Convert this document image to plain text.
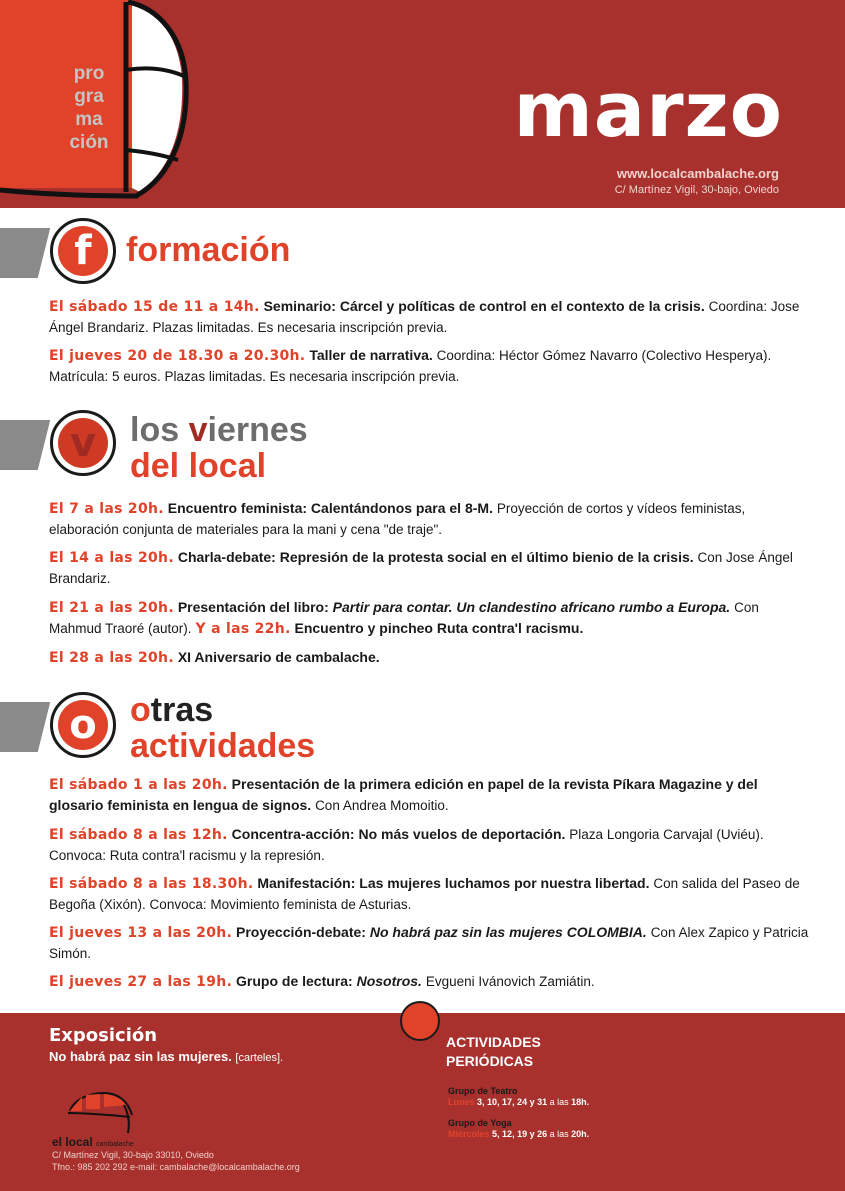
pro
gra
ma
ción	marzo
www.localcambalache.org
C/ Martínez Vigil, 30-bajo, Oviedo
f	formación
El sábado 15 de 11 a 14h. Seminario: Cárcel y políticas de control en el contexto de la crisis. Coordina: Jose Ángel Brandariz. Plazas limitadas. Es necesaria inscripción previa.
El jueves 20 de 18.30 a 20.30h. Taller de narrativa. Coordina: Héctor Gómez Navarro (Colectivo Hesperya). Matrícula: 5 euros. Plazas limitadas. Es necesaria inscripción previa.
v los viernes
del local
El 7 a las 20h. Encuentro feminista: Calentándonos para el 8-M. Proyección de cortos y vídeos feministas, elaboración conjunta de materiales para la mani y cena "de traje".
El 14 a las 20h. Charla-debate: Represión de la protesta social en el último bienio de la crisis. Con Jose Ángel Brandariz.
El 21 a las 20h. Presentación del libro: Partir para contar. Un clandestino africano rumbo a Europa. Con Mahmud Traoré (autor). Y a las 22h. Encuentro y pincheo Ruta contra'l racismu.
El 28 a las 20h. XI Aniversario de cambalache.
o otras
actividades
El sábado 1 a las 20h. Presentación de la primera edición en papel de la revista Píkara Magazine y del glosario feminista en lengua de signos. Con Andrea Momoitio.
El sábado 8 a las 12h. Concentra-acción: No más vuelos de deportación. Plaza Longoria Carvajal (Uviéu). Convoca: Ruta contra'l racismu y la represión.
El sábado 8 a las 18.30h. Manifestación: Las mujeres luchamos por nuestra libertad. Con salida del Paseo de Begoña (Xixón). Convoca: Movimiento feminista de Asturias.
El jueves 13 a las 20h. Proyección-debate: No habrá paz sin las mujeres COLOMBIA. Con Alex Zapico y Patricia Simón.
El jueves 27 a las 19h. Grupo de lectura: Nosotros. Evgueni Ivánovich Zamiátin.
Exposición
No habrá paz sin las mujeres. [carteles].
ACTIVIDADES
PERIÓDICAS
Grupo de Teatro
Lunes 3, 10, 17, 24 y 31 a las 18h.
Grupo de Yoga
Miércoles 5, 12, 19 y 26 a las 20h.
el local cambalache
C/ Martínez Vigil, 30-bajo 33010, Oviedo
Tfno.: 985 202 292 e-mail: cambalache@localcambalache.org
